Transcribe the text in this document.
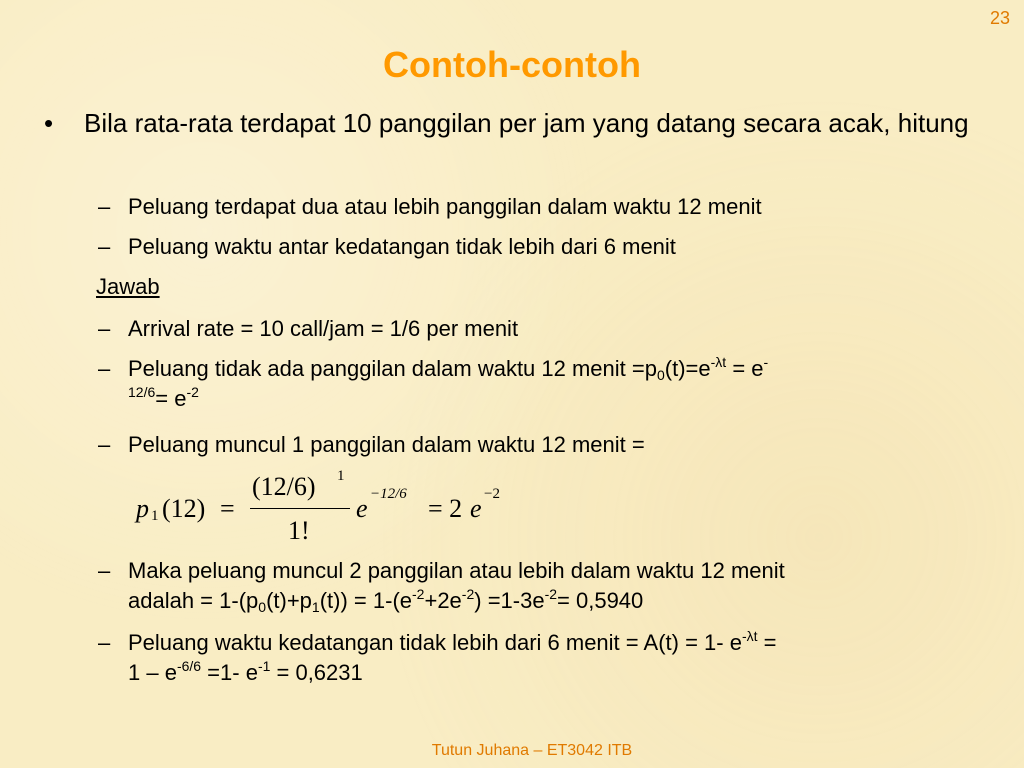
23
Contoh-contoh
• Bila rata-rata terdapat 10 panggilan per jam yang datang secara acak, hitung
– Peluang terdapat dua atau lebih panggilan dalam waktu 12 menit
– Peluang waktu antar kedatangan tidak lebih dari 6 menit
Jawab
– Arrival rate = 10 call/jam = 1/6 per menit
– Peluang tidak ada panggilan dalam waktu 12 menit $=p_0(t)=e^{-\lambda t} = e^-$
$^{12/6}= e^{-2}$
– Peluang muncul 1 panggilan dalam waktu 12 menit =
p 1 (12) =
(12/6) 1
1!
e −12/6 = 2 e −2
– Maka peluang muncul 2 panggilan atau lebih dalam waktu 12 menit
adalah = $1-(p_0(t)+p_1(t)) = 1-(e^{-2}+2e^{-2}) =1-3e^{-2}= 0,5940$
– Peluang waktu kedatangan tidak lebih dari 6 menit = A(t) = 1- $e^{-\lambda t}$ =
$1 - e^{-6/6} =1-$ $e^{-1} = 0,6231$
Tutun Juhana – ET3042 ITB
